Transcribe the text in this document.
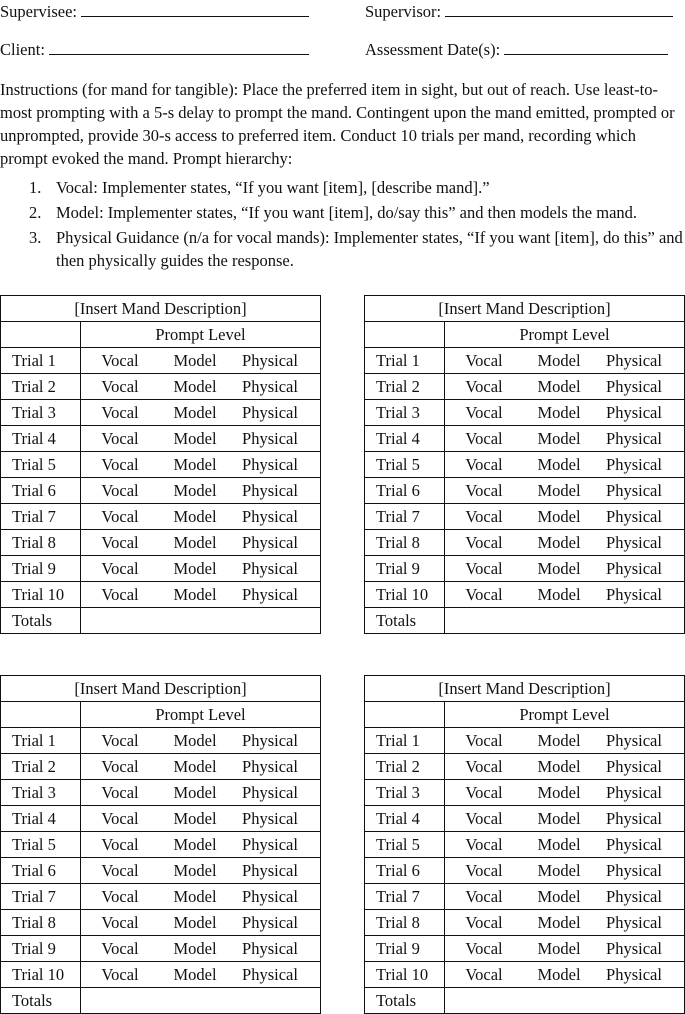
Supervisee:	Supervisor:
Client:	Assessment Date(s):

Instructions (for mand for tangible): Place the preferred item in sight, but out of reach. Use least-to-most prompting with a 5-s delay to prompt the mand. Contingent upon the mand emitted, prompted or unprompted, provide 30-s access to preferred item. Conduct 10 trials per mand, recording which prompt evoked the mand. Prompt hierarchy:

1. Vocal: Implementer states, “If you want [item], [describe mand].”
2. Model: Implementer states, “If you want [item], do/say this” and then models the mand.
3. Physical Guidance (n/a for vocal mands): Implementer states, “If you want [item], do this” and then physically guides the response.
[Insert Mand Description]	
	Prompt Level
Trial 1	Vocal Model Physical
Trial 2	Vocal Model Physical
Trial 3	Vocal Model Physical
Trial 4	Vocal Model Physical
Trial 5	Vocal Model Physical
Trial 6	Vocal Model Physical
Trial 7	Vocal Model Physical
Trial 8	Vocal Model Physical
Trial 9	Vocal Model Physical
Trial 10	Vocal Model Physical
Totals	
[Insert Mand Description]	
	Prompt Level
Trial 1	Vocal Model Physical
Trial 2	Vocal Model Physical
Trial 3	Vocal Model Physical
Trial 4	Vocal Model Physical
Trial 5	Vocal Model Physical
Trial 6	Vocal Model Physical
Trial 7	Vocal Model Physical
Trial 8	Vocal Model Physical
Trial 9	Vocal Model Physical
Trial 10	Vocal Model Physical
Totals	
[Insert Mand Description]	
	Prompt Level
Trial 1	Vocal Model Physical
Trial 2	Vocal Model Physical
Trial 3	Vocal Model Physical
Trial 4	Vocal Model Physical
Trial 5	Vocal Model Physical
Trial 6	Vocal Model Physical
Trial 7	Vocal Model Physical
Trial 8	Vocal Model Physical
Trial 9	Vocal Model Physical
Trial 10	Vocal Model Physical
Totals	
[Insert Mand Description]	
	Prompt Level
Trial 1	Vocal Model Physical
Trial 2	Vocal Model Physical
Trial 3	Vocal Model Physical
Trial 4	Vocal Model Physical
Trial 5	Vocal Model Physical
Trial 6	Vocal Model Physical
Trial 7	Vocal Model Physical
Trial 8	Vocal Model Physical
Trial 9	Vocal Model Physical
Trial 10	Vocal Model Physical
Totals	
